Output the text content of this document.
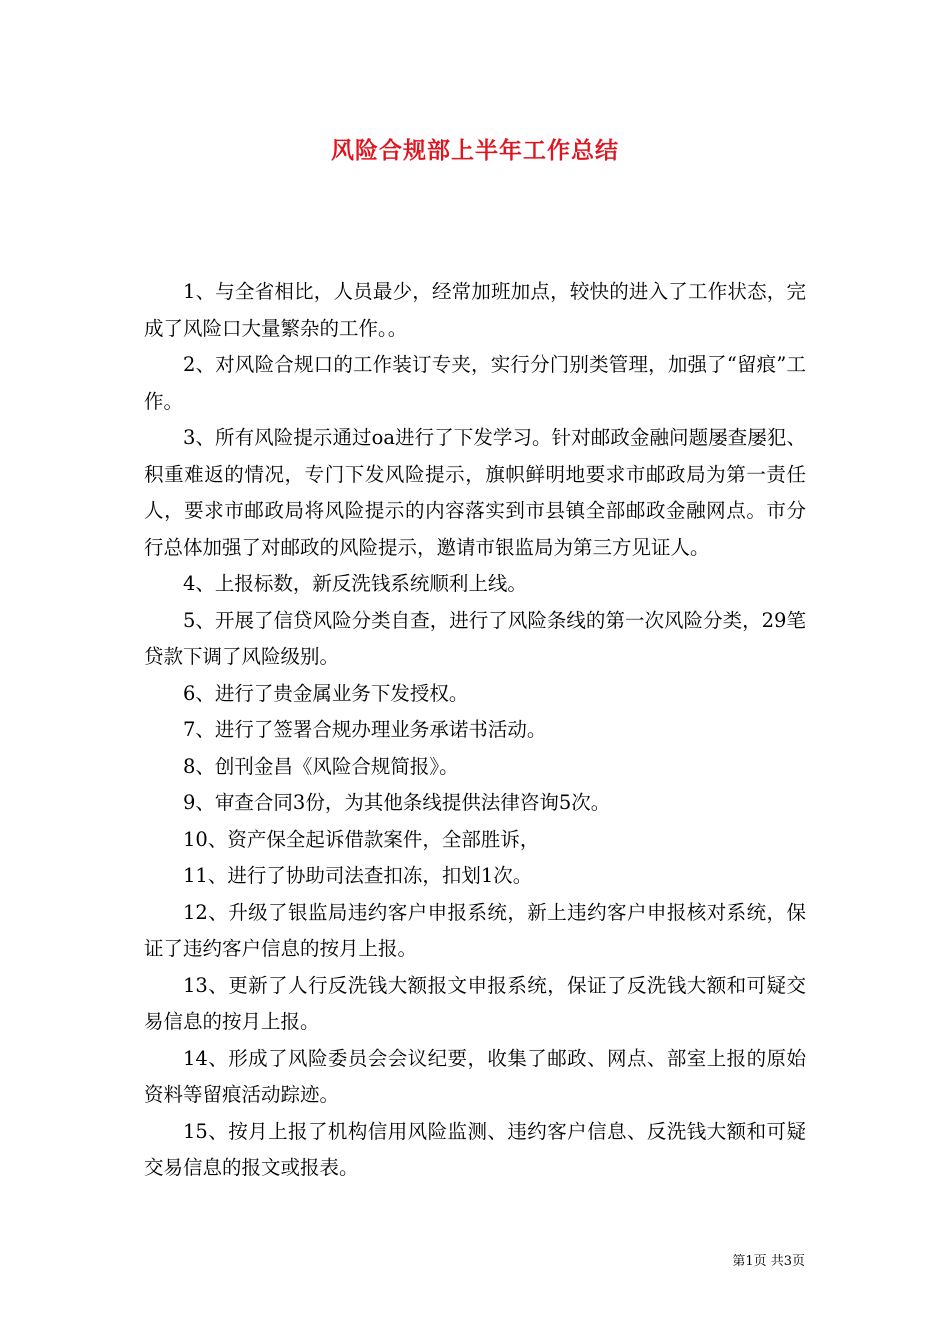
风险合规部上半年工作总结

1、与全省相比，人员最少，经常加班加点，较快的进入了工作状态，完成了风险口大量繁杂的工作。。

2、对风险合规口的工作装订专夹，实行分门别类管理，加强了“留痕”工作。

3、所有风险提示通过oa进行了下发学习。针对邮政金融问题屡查屡犯、积重难返的情况，专门下发风险提示，旗帜鲜明地要求市邮政局为第一责任人，要求市邮政局将风险提示的内容落实到市县镇全部邮政金融网点。市分行总体加强了对邮政的风险提示，邀请市银监局为第三方见证人。

4、上报标数，新反洗钱系统顺利上线。

5、开展了信贷风险分类自查，进行了风险条线的第一次风险分类，29笔贷款下调了风险级别。

6、进行了贵金属业务下发授权。

7、进行了签署合规办理业务承诺书活动。

8、创刊金昌《风险合规简报》。

9、审查合同3份，为其他条线提供法律咨询5次。

10、资产保全起诉借款案件，全部胜诉，

11、进行了协助司法查扣冻，扣划1次。

12、升级了银监局违约客户申报系统，新上违约客户申报核对系统，保证了违约客户信息的按月上报。

13、更新了人行反洗钱大额报文申报系统，保证了反洗钱大额和可疑交易信息的按月上报。

14、形成了风险委员会会议纪要，收集了邮政、网点、部室上报的原始资料等留痕活动踪迹。

15、按月上报了机构信用风险监测、违约客户信息、反洗钱大额和可疑交易信息的报文或报表。

第1页 共3页
